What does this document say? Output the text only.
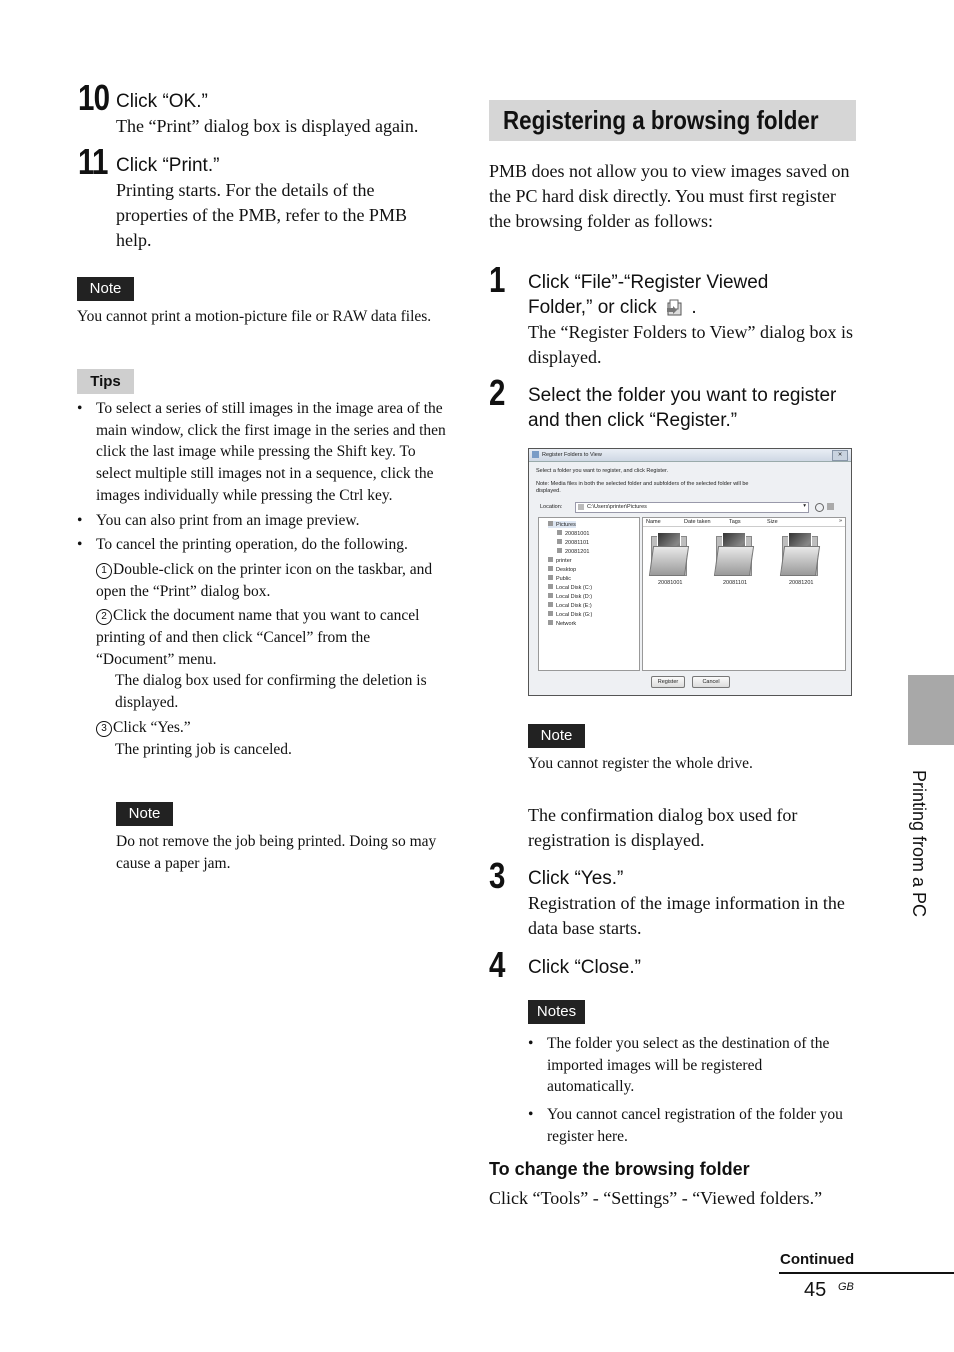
10 Click “OK.”
The “Print” dialog box is displayed again.
11 Click “Print.”
Printing starts. For the details of the properties of the PMB, refer to the PMB help.
Note
You cannot print a motion-picture file or RAW data files.
Tips
• To select a series of still images in the image area of the main window, click the first image in the series and then click the last image while pressing the Shift key. To select multiple still images not in a sequence, click the images individually while pressing the Ctrl key.
• You can also print from an image preview.
• To cancel the printing operation, do the following.
1 Double-click on the printer icon on the taskbar, and open the “Print” dialog box.
2 Click the document name that you want to cancel printing of and then click “Cancel” from the “Document” menu.
The dialog box used for confirming the deletion is displayed.
3 Click “Yes.”
The printing job is canceled.
Note
Do not remove the job being printed. Doing so may cause a paper jam.
Registering a browsing folder
PMB does not allow you to view images saved on the PC hard disk directly. You must first register the browsing folder as follows:
1 Click “File”-“Register Viewed
Folder,” or click .
The “Register Folders to View” dialog box is displayed.
2 Select the folder you want to register and then click “Register.”
Register Folders to View	✕
Select a folder you want to register, and click Register.
Note: Media files in both the selected folder and subfolders of the selected folder will be
displayed.
Location:	C:\Users\printer\Pictures	▾
Pictures
20081001
20081101
20081201
printer
Desktop
Public
Local Disk (C:)
Local Disk (D:)
Local Disk (E:)
Local Disk (G:)
Network
Name	Date taken	Tags	Size	»
20081001	20081101	20081201
Register	Cancel
Note
You cannot register the whole drive.
The confirmation dialog box used for registration is displayed.
3 Click “Yes.”
Registration of the image information in the data base starts.
4 Click “Close.”
Notes
• The folder you select as the destination of the imported images will be registered automatically.
• You cannot cancel registration of the folder you register here.
To change the browsing folder
Click “Tools” - “Settings” - “Viewed folders.”
Printing from a PC
Continued
45 GB
